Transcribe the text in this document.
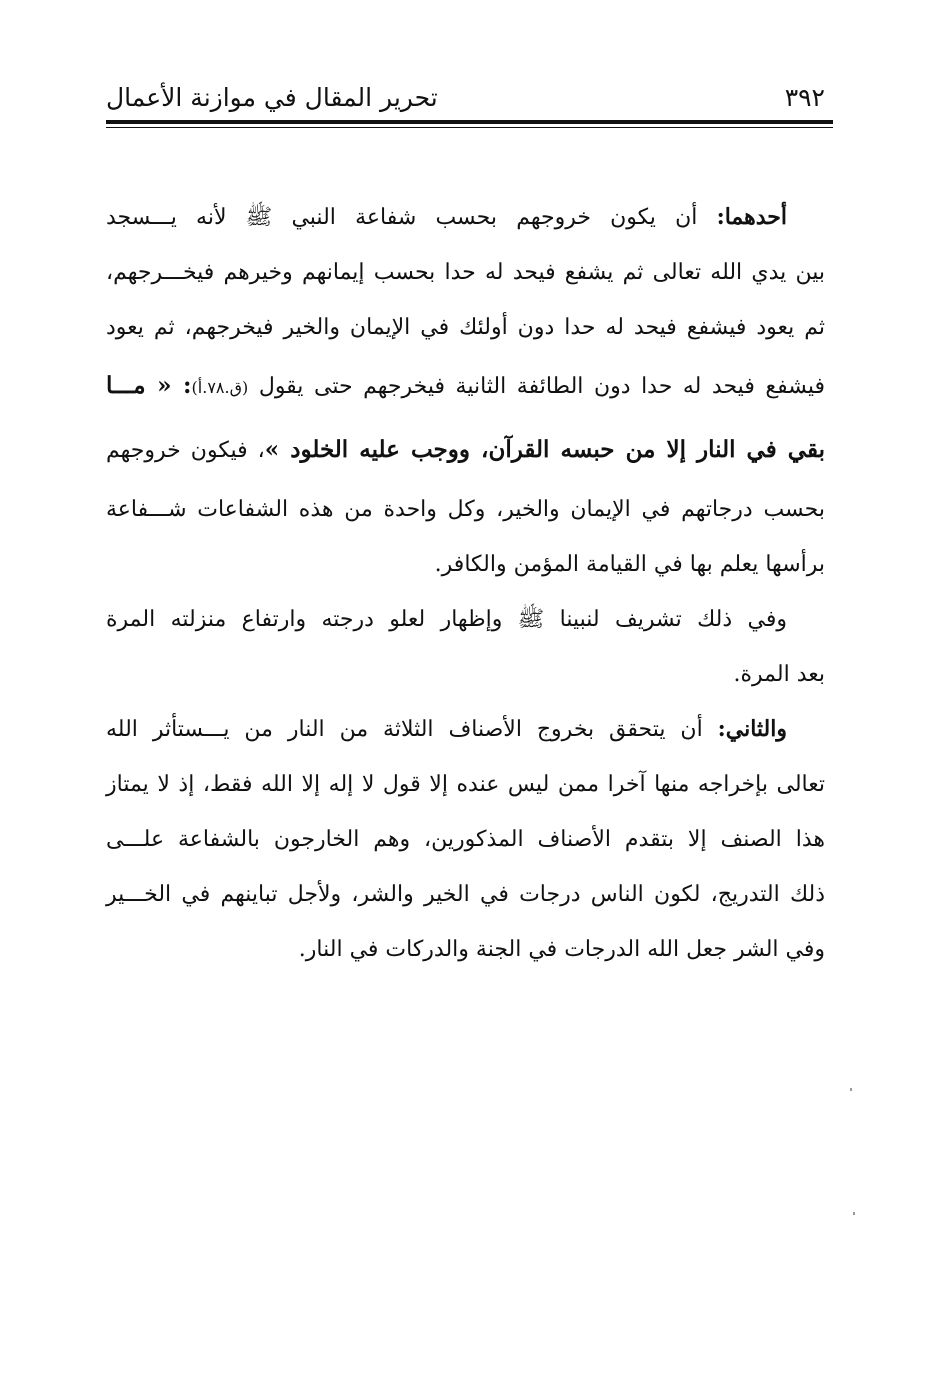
تحرير المقال في موازنة الأعمال	٣٩٢
أحدهما: أن يكون خروجهم بحسب شفاعة النبي ﷺ لأنه يـــسجد
بين يدي الله تعالى ثم يشفع فيحد له حدا بحسب إيمانهم وخيرهم فيخـــرجهم،
ثم يعود فيشفع فيحد له حدا دون أولئك في الإيمان والخير فيخرجهم، ثم يعود
فيشفع فيحد له حدا دون الطائفة الثانية فيخرجهم حتى يقول (ق.٧٨.أ): « مـــا
بقي في النار إلا من حبسه القرآن، ووجب عليه الخلود »، فيكون خروجهم
بحسب درجاتهم في الإيمان والخير، وكل واحدة من هذه الشفاعات شـــفاعة
برأسها يعلم بها في القيامة المؤمن والكافر.
وفي ذلك تشريف لنبينا ﷺ وإظهار لعلو درجته وارتفاع منزلته المرة
بعد المرة.
والثاني: أن يتحقق بخروج الأصناف الثلاثة من النار من يـــستأثر الله
تعالى بإخراجه منها آخرا ممن ليس عنده إلا قول لا إله إلا الله فقط، إذ لا يمتاز
هذا الصنف إلا بتقدم الأصناف المذكورين، وهم الخارجون بالشفاعة علـــى
ذلك التدريج، لكون الناس درجات في الخير والشر، ولأجل تباينهم في الخـــير
وفي الشر جعل الله الدرجات في الجنة والدركات في النار.
